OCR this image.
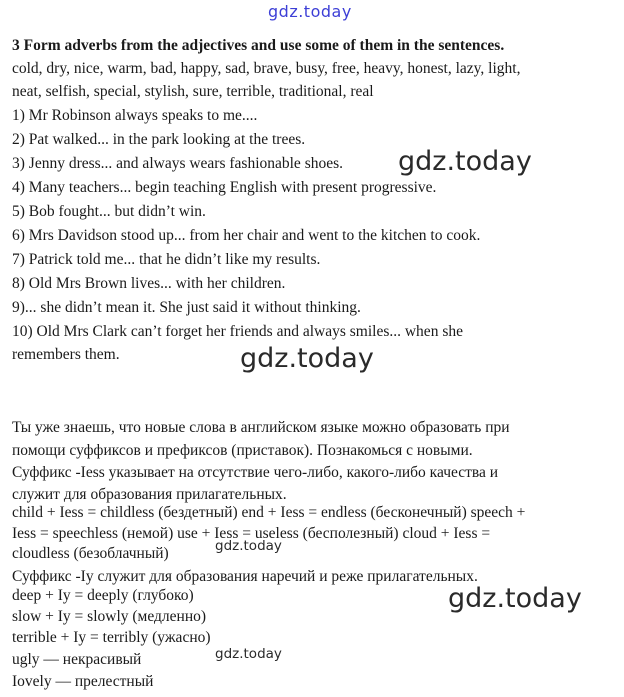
gdz.today

3 Form adverbs from the adjectives and use some of them in the sentences.

cold, dry, nice, warm, bad, happy, sad, brave, busy, free, heavy, honest, lazy, light,

neat, selfish, special, stylish, sure, terrible, traditional, real

1) Mr Robinson always speaks to me....

2) Pat walked... in the park looking at the trees.

3) Jenny dress... and always wears fashionable shoes.

4) Many teachers... begin teaching English with present progressive.

5) Bob fought... but didn’t win.

6) Mrs Davidson stood up... from her chair and went to the kitchen to cook.

7) Patrick told me... that he didn’t like my results.

8) Old Mrs Brown lives... with her children.

9)... she didn’t mean it. She just said it without thinking.

10) Old Mrs Clark can’t forget her friends and always smiles... when she

remembers them.

gdz.today
gdz.today

Ты уже знаешь, что новые слова в английском языке можно образовать при

помощи суффиксов и префиксов (приставок). Познакомься с новыми.

Суффикс -Iess указывает на отсутствие чего-либо, какого-либо качества и

служит для образования прилагательных.

child + Iess = childless (бездетный) end + Iess = endless (бесконечный) speech +

Iess = speechless (немой) use + Iess = useless (бесполезный) cloud + Iess =

cloudless (безоблачный)

Суффикс -Iy служит для образования наречий и реже прилагательных.

deep + Iy = deeply (глубоко)

slow + Iy = slowly (медленно)

terrible + Iy = terribly (ужасно)

ugly — некрасивый

Iovely — прелестный

gdz.today
gdz.today
gdz.today
